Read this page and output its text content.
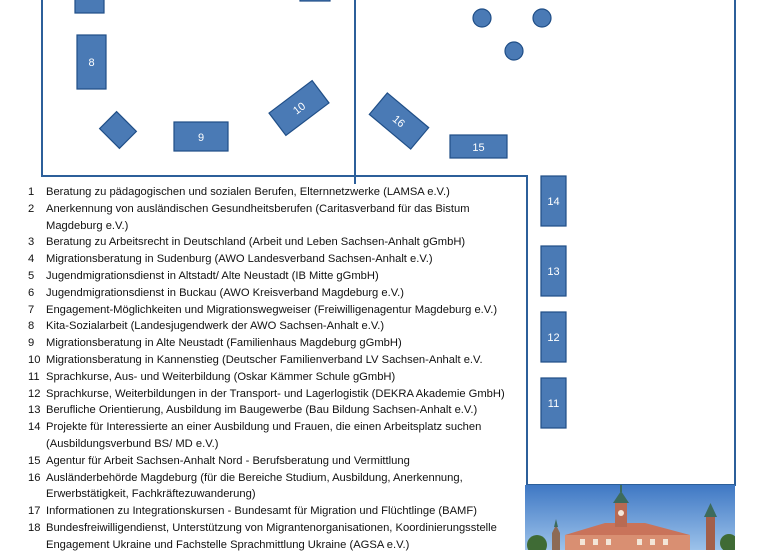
8
9
10
16
15
14
13
12
11
1	Beratung zu pädagogischen und sozialen Berufen, Elternnetzwerke (LAMSA e.V.)
2	Anerkennung von ausländischen Gesundheitsberufen (Caritasverband für das Bistum Magdeburg e.V.)
3	Beratung zu Arbeitsrecht in Deutschland (Arbeit und Leben Sachsen-Anhalt gGmbH)
4	Migrationsberatung in Sudenburg (AWO Landesverband Sachsen-Anhalt e.V.)
5	Jugendmigrationsdienst in Altstadt/ Alte Neustadt (IB Mitte gGmbH)
6	Jugendmigrationsdienst in Buckau (AWO Kreisverband Magdeburg e.V.)
7	Engagement-Möglichkeiten und Migrationswegweiser (Freiwilligenagentur Magdeburg e.V.)
8	Kita-Sozialarbeit (Landesjugendwerk der AWO Sachsen-Anhalt e.V.)
9	Migrationsberatung in Alte Neustadt (Familienhaus Magdeburg gGmbH)
10 Migrationsberatung in Kannenstieg (Deutscher Familienverband LV Sachsen-Anhalt e.V.
11 Sprachkurse, Aus- und Weiterbildung (Oskar Kämmer Schule gGmbH)
12 Sprachkurse, Weiterbildungen in der Transport- und Lagerlogistik (DEKRA Akademie GmbH)
13 Berufliche Orientierung, Ausbildung im Baugewerbe (Bau Bildung Sachsen-Anhalt e.V.)
14 Projekte für Interessierte an einer Ausbildung und Frauen, die einen Arbeitsplatz suchen (Ausbildungsverbund BS/ MD e.V.)
15 Agentur für Arbeit Sachsen-Anhalt Nord - Berufsberatung und Vermittlung
16 Ausländerbehörde Magdeburg (für die Bereiche Studium, Ausbildung, Anerkennung, Erwerbstätigkeit, Fachkräftezuwanderung)
17 Informationen zu Integrationskursen - Bundesamt für Migration und Flüchtlinge (BAMF)
18 Bundesfreiwilligendienst, Unterstützung von Migrantenorganisationen, Koordinierungsstelle Engagement Ukraine und Fachstelle Sprachmittlung Ukraine (AGSA e.V.)
